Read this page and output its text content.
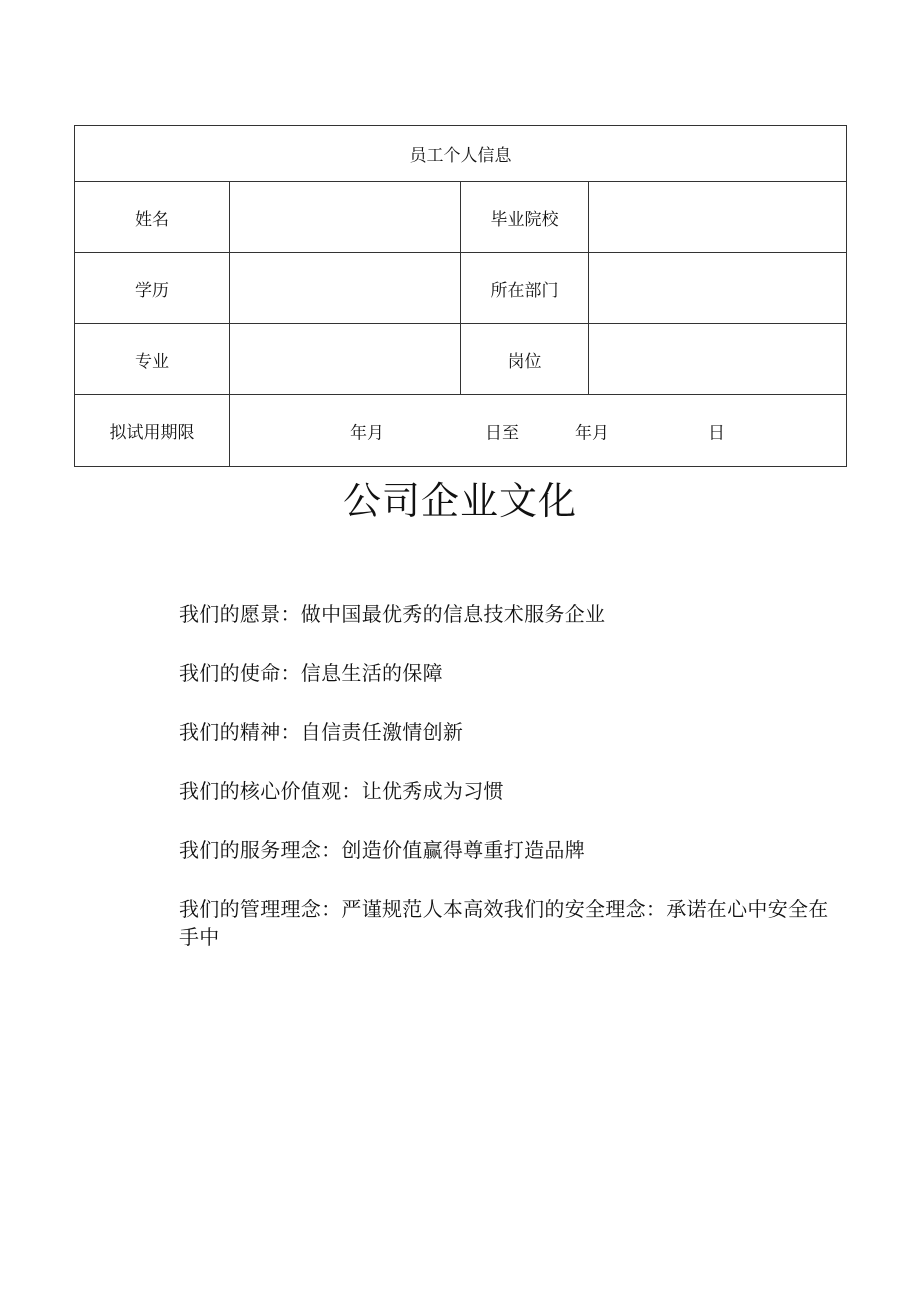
员工个人信息			
姓名		毕业院校	
学历		所在部门	
专业		岗位	
拟试用期限	年月 日至 年月 日		
公司企业文化
我们的愿景：做中国最优秀的信息技术服务企业
我们的使命：信息生活的保障
我们的精神：自信责任激情创新
我们的核心价值观：让优秀成为习惯
我们的服务理念：创造价值赢得尊重打造品牌
我们的管理理念：严谨规范人本高效我们的安全理念：承诺在心中安全在手中
